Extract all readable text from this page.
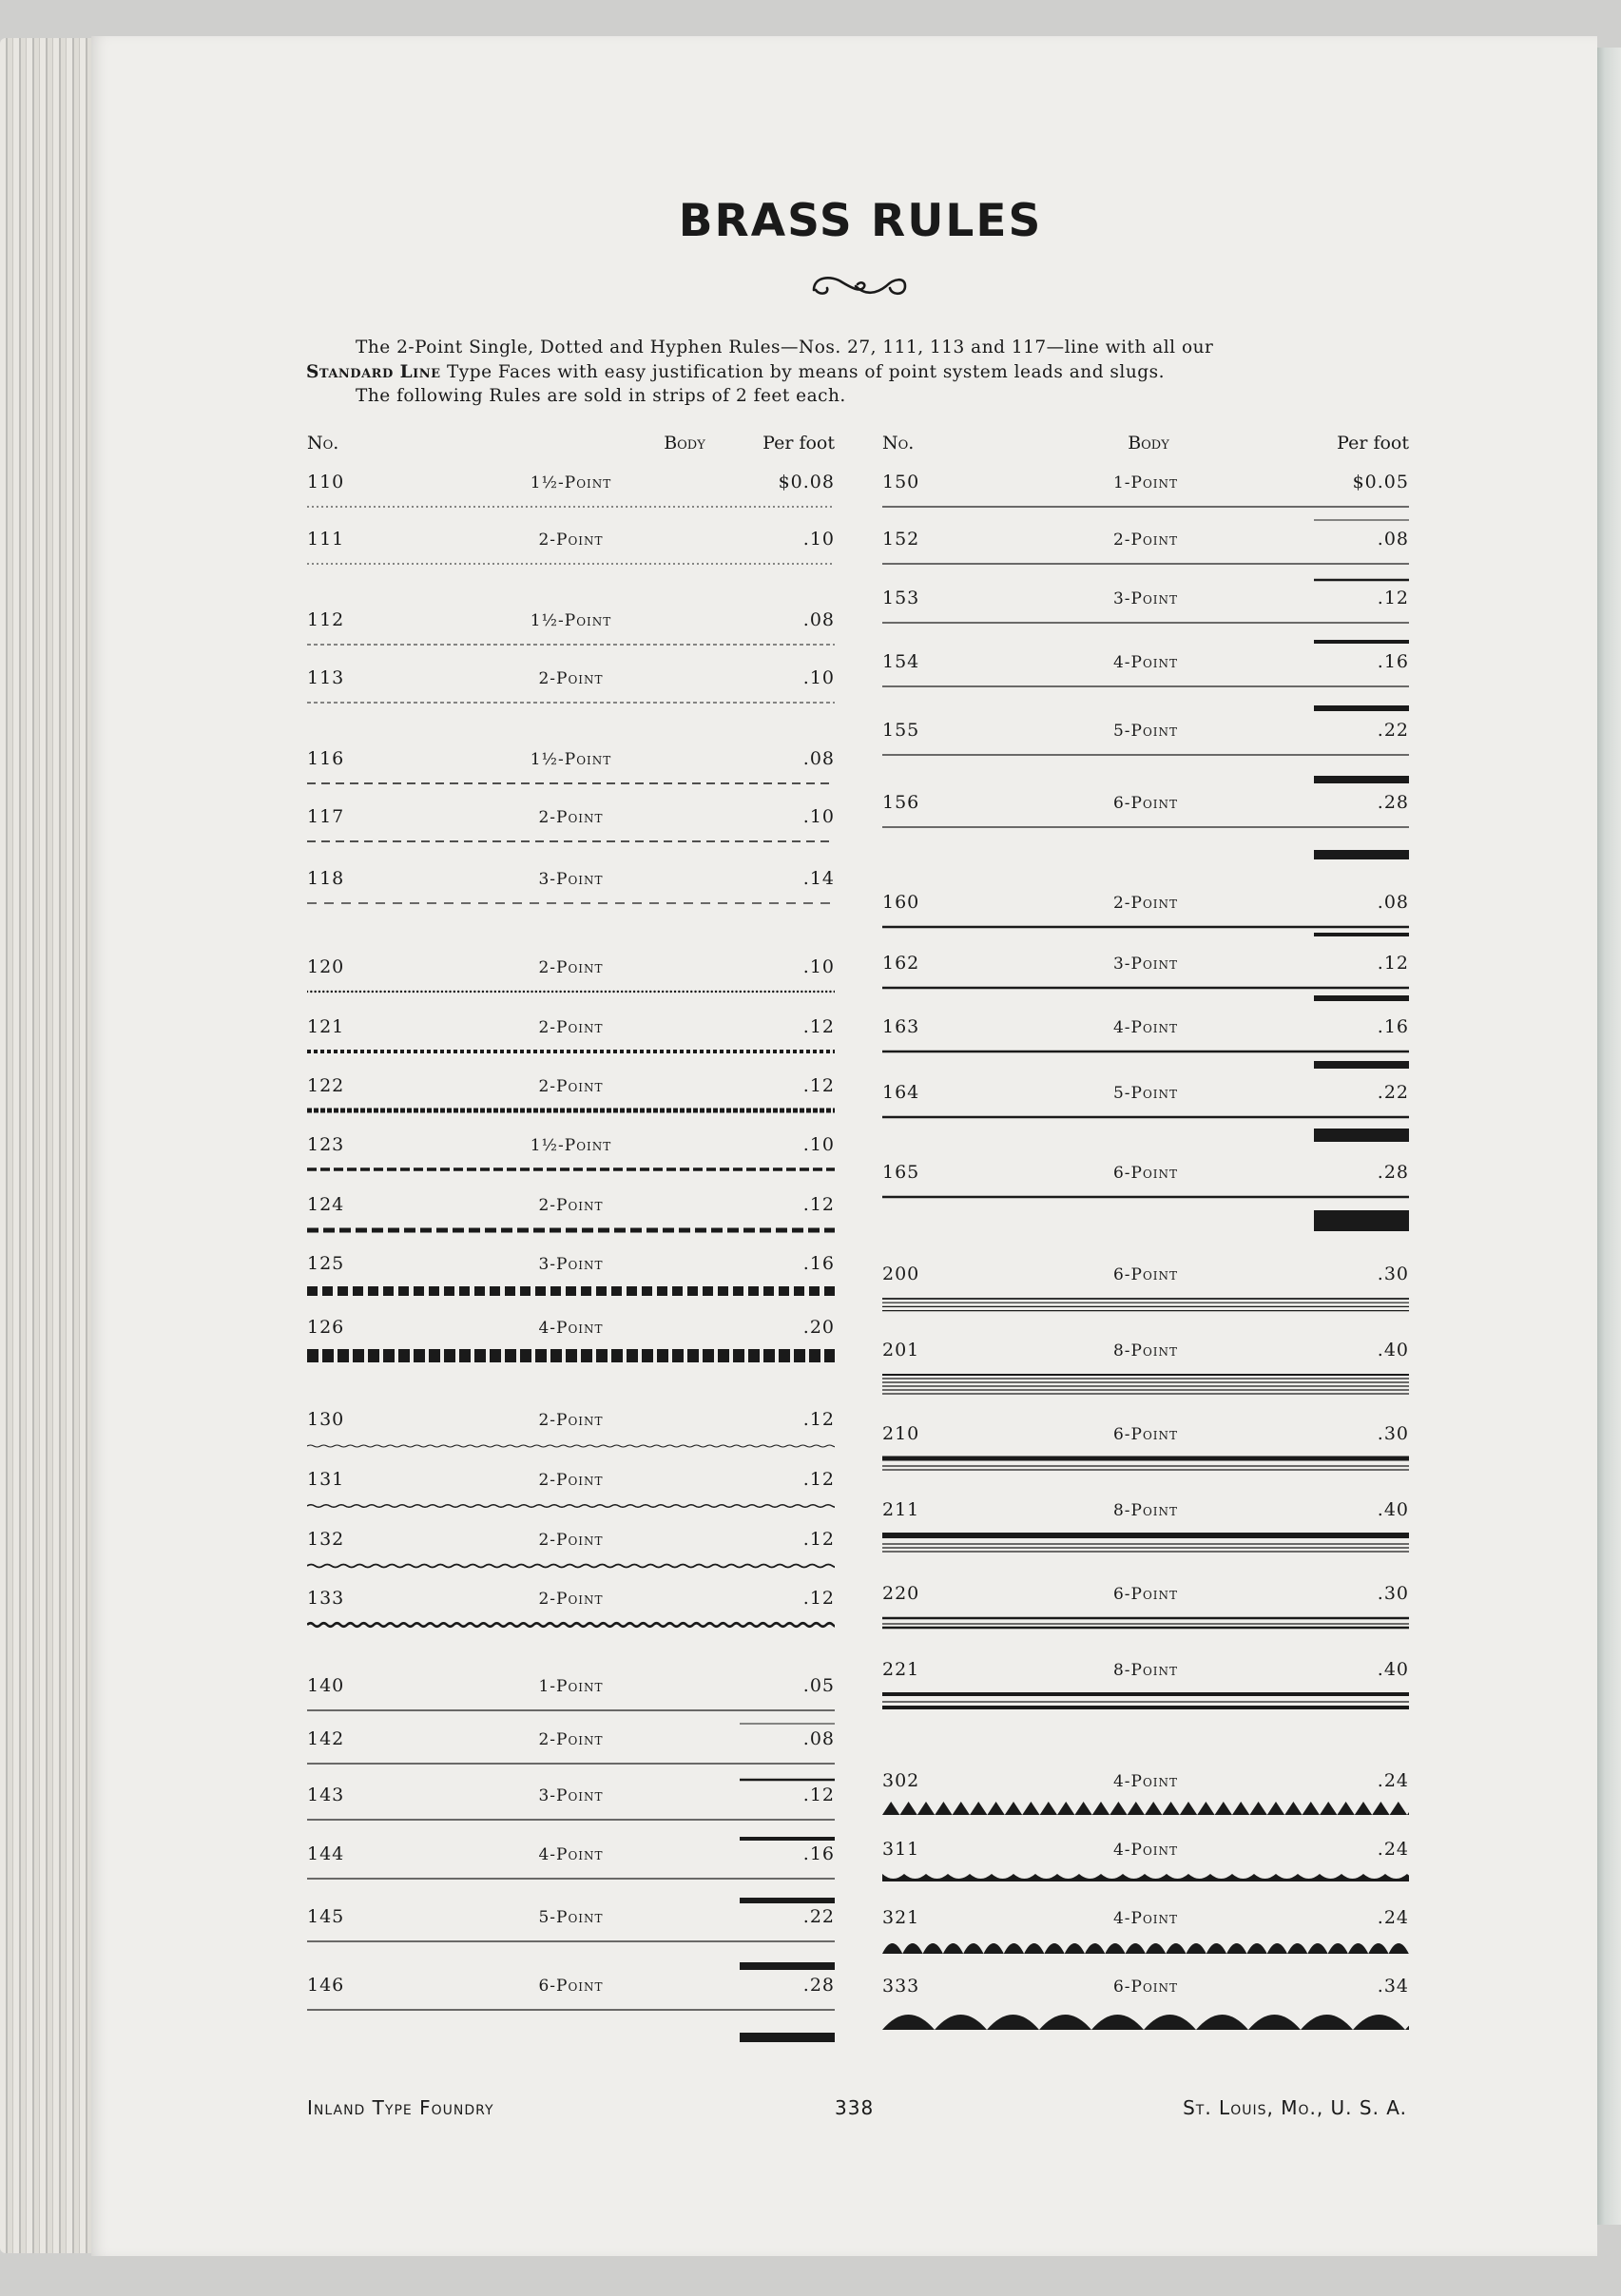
BRASS RULES
The 2-Point Single, Dotted and Hyphen Rules—Nos. 27, 111, 113 and 117—line with all our
Standard Line Type Faces with easy justification by means of point system leads and slugs.
The following Rules are sold in strips of 2 feet each.
No.	Body	Per foot	No.	Body	Per foot
110	1½-Point	$0.08
111	2-Point	.10
112	1½-Point	.08
113	2-Point	.10
116	1½-Point	.08
117	2-Point	.10
118	3-Point	.14
120	2-Point	.10
121	2-Point	.12
122	2-Point	.12
123	1½-Point	.10
124	2-Point	.12
125	3-Point	.16
126	4-Point	.20
130	2-Point	.12
131	2-Point	.12
132	2-Point	.12
133	2-Point	.12
140	1-Point	.05
142	2-Point	.08
143	3-Point	.12
144	4-Point	.16
145	5-Point	.22
146	6-Point	.28
150	1-Point	$0.05
152	2-Point	.08
153	3-Point	.12
154	4-Point	.16
155	5-Point	.22
156	6-Point	.28
160	2-Point	.08
162	3-Point	.12
163	4-Point	.16
164	5-Point	.22
165	6-Point	.28
200	6-Point	.30
201	8-Point	.40
210	6-Point	.30
211	8-Point	.40
220	6-Point	.30
221	8-Point	.40
302	4-Point	.24
311	4-Point	.24
321	4-Point	.24
333	6-Point	.34
Inland Type Foundry	338	St. Louis, Mo., U. S. A.
